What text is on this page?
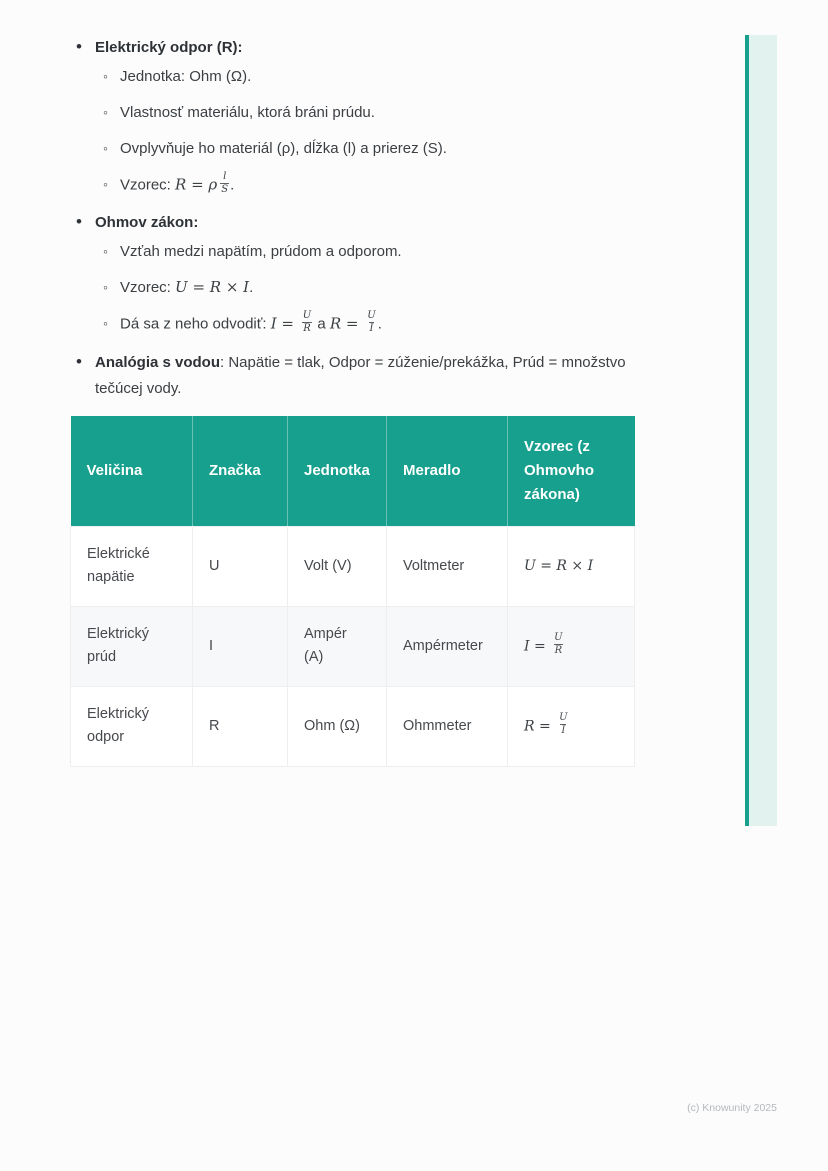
•
Elektrický odpor (R):
◦
Jednotka: Ohm (Ω).
◦
Vlastnosť materiálu, ktorá bráni prúdu.
◦
Ovplyvňuje ho materiál (ρ), dĺžka (l) a prierez (S).
◦
Vzorec: R = ρ $\frac{l}{S}$ .
•
Ohmov zákon:
◦
Vzťah medzi napätím, prúdom a odporom.
◦
Vzorec: U = R × I.
◦
Dá sa z neho odvodiť: $I = \frac{U}{R}$ a $R = \frac{U}{I}$ .
•
Analógia s vodou: Napätie = tlak, Odpor = zúženie/prekážka, Prúd = množstvo tečúcej vody.
Veličina	Značka	Jednotka	Meradlo	Vzorec (z Ohmovho zákona)
Elektrické napätie	U	Volt (V)	Voltmeter	U = R × I
Elektrický prúd	I	Ampér (A)	Ampérmeter	$I = \frac{U}{R}$

Elektrický odpor	R	Ohm (Ω)	Ohmmeter	$R = \frac{U}{I}$
(c) Knowunity 2025
